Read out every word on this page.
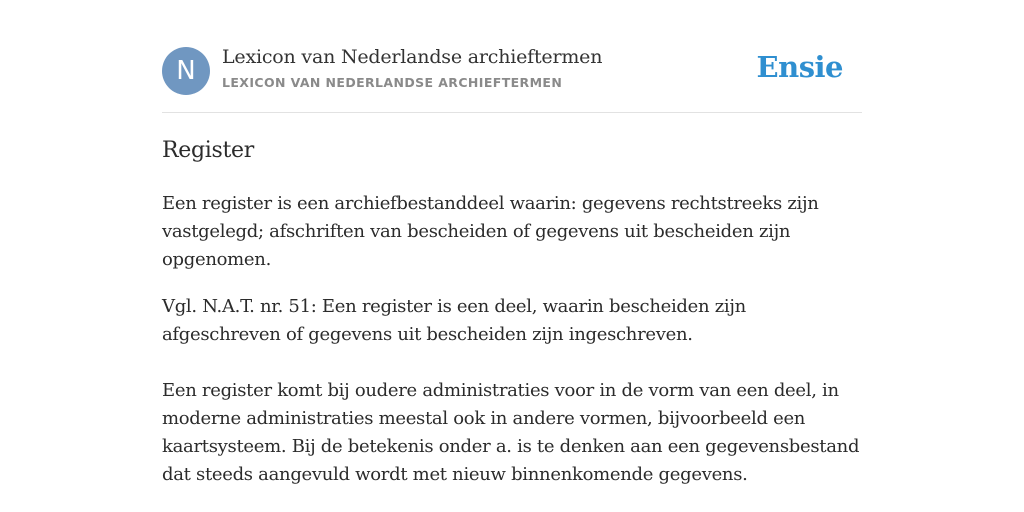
N	Lexicon van Nederlandse archieftermen
LEXICON VAN NEDERLANDSE ARCHIEFTERMEN	Ensie
Register

Een register is een archiefbestanddeel waarin: gegevens rechtstreeks zijn vastgelegd; afschriften van bescheiden of gegevens uit bescheiden zijn opgenomen.

Vgl. N.A.T. nr. 51: Een register is een deel, waarin bescheiden zijn afgeschreven of gegevens uit bescheiden zijn ingeschreven.

Een register komt bij oudere administraties voor in de vorm van een deel, in moderne administraties meestal ook in andere vormen, bijvoorbeeld een kaartsysteem. Bij de betekenis onder a. is te denken aan een gegevensbestand dat steeds aangevuld wordt met nieuw binnenkomende gegevens.
